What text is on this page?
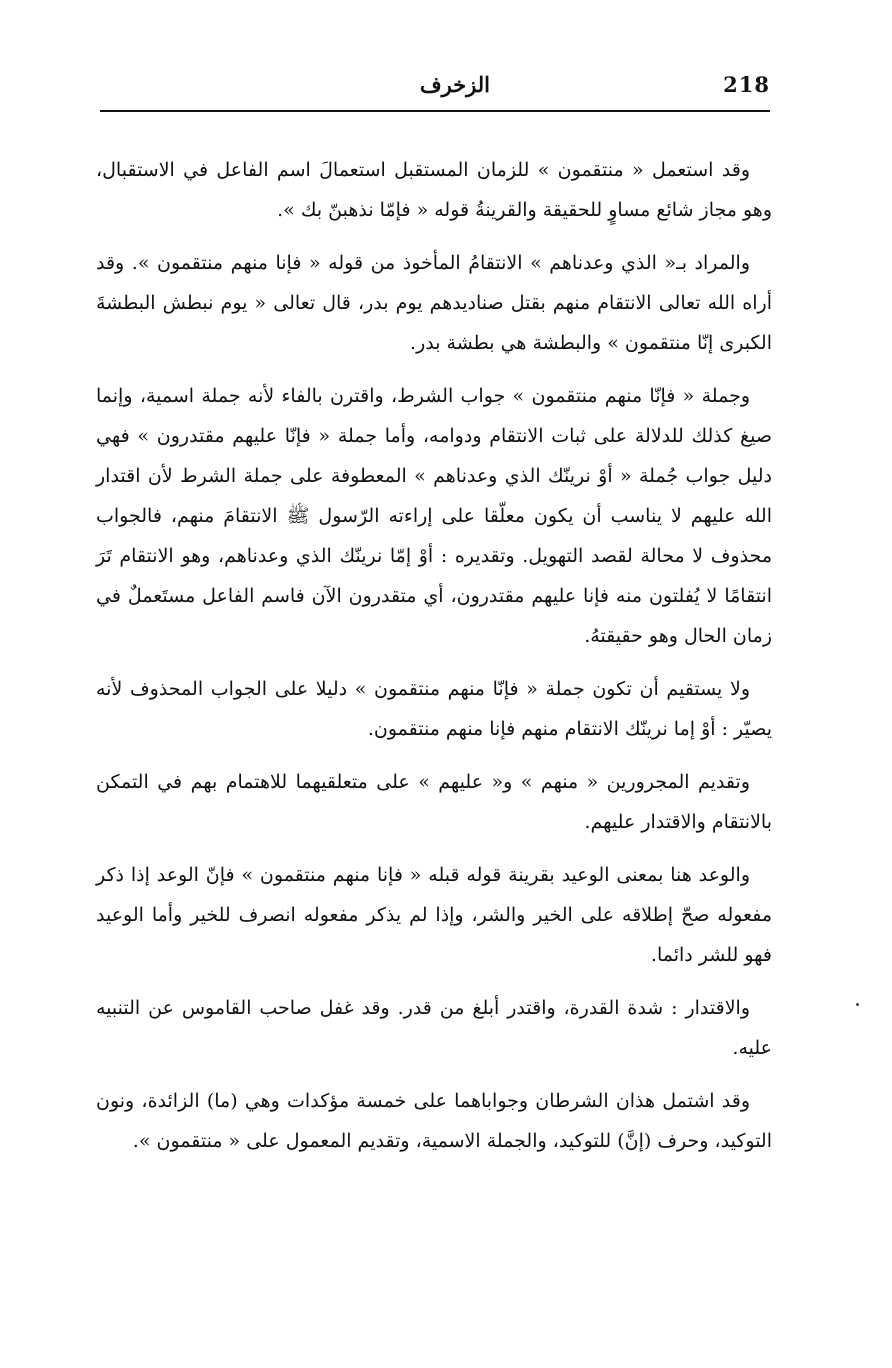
218
الزخرف

وقد استعمل « منتقمون » للزمان المستقبل استعمالَ اسم الفاعل في الاستقبال، وهو مجاز شائع مساوٍ للحقيقة والقرينةُ قوله « فإمّا نذهبنّ بك ».

والمراد بـ« الذي وعدناهم » الانتقامُ المأخوذ من قوله « فإنا منهم منتقمون ». وقد أراه الله تعالى الانتقام منهم بقتل صناديدهم يوم بدر، قال تعالى « يوم نبطش البطشةَ الكبرى إنّا منتقمون » والبطشة هي بطشة بدر.

وجملة « فإنّا منهم منتقمون » جواب الشرط، واقترن بالفاء لأنه جملة اسمية، وإنما صيغ كذلك للدلالة على ثبات الانتقام ودوامه، وأما جملة « فإنّا عليهم مقتدرون » فهي دليل جواب جُملة « أوْ نرينّك الذي وعدناهم » المعطوفة على جملة الشرط لأن اقتدار الله عليهم لا يناسب أن يكون معلّقا على إراءته الرّسول ﷺ الانتقامَ منهم، فالجواب محذوف لا محالة لقصد التهويل. وتقديره : أوْ إمّا نرينّك الذي وعدناهم، وهو الانتقام تَرَ انتقامًا لا يُفلتون منه فإنا عليهم مقتدرون، أي متقدرون الآن فاسم الفاعل مستَعملٌ في زمان الحال وهو حقيقتهُ.

ولا يستقيم أن تكون جملة « فإنّا منهم منتقمون » دليلا على الجواب المحذوف لأنه يصيّر : أوْ إما نرينّك الانتقام منهم فإنا منهم منتقمون.

وتقديم المجرورين « منهم » و« عليهم » على متعلقيهما للاهتمام بهم في التمكن بالانتقام والاقتدار عليهم.

والوعد هنا بمعنى الوعيد بقرينة قوله قبله « فإنا منهم منتقمون » فإنّ الوعد إذا ذكر مفعوله صحّ إطلاقه على الخير والشر، وإذا لم يذكر مفعوله انصرف للخير وأما الوعيد فهو للشر دائما.

والاقتدار : شدة القدرة، واقتدر أبلغ من قدر. وقد غفل صاحب القاموس عن التنبيه عليه.

وقد اشتمل هذان الشرطان وجواباهما على خمسة مؤكدات وهي (ما) الزائدة، ونون التوكيد، وحرف (إنَّ) للتوكيد، والجملة الاسمية، وتقديم المعمول على « منتقمون ».
